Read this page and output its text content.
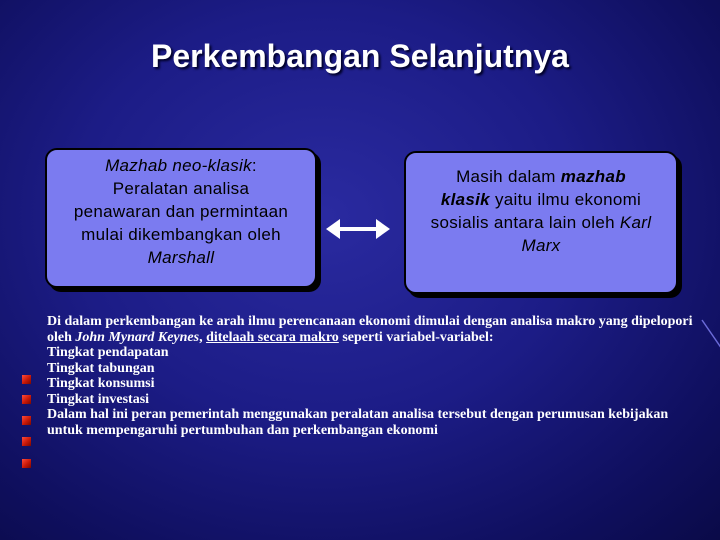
Perkembangan Selanjutnya
Mazhab neo-klasik:
Peralatan analisa
penawaran dan permintaan
mulai dikembangkan oleh
Marshall
Masih dalam mazhab
klasik yaitu ilmu ekonomi
sosialis antara lain oleh Karl
Marx

Di dalam perkembangan ke arah ilmu perencanaan ekonomi dimulai dengan analisa makro yang dipelopori oleh John Mynard Keynes, ditelaah secara makro seperti variabel-variabel:

Tingkat pendapatan

Tingkat tabungan

Tingkat konsumsi

Tingkat investasi

Dalam hal ini peran pemerintah menggunakan peralatan analisa tersebut dengan perumusan kebijakan untuk mempengaruhi pertumbuhan dan perkembangan ekonomi
